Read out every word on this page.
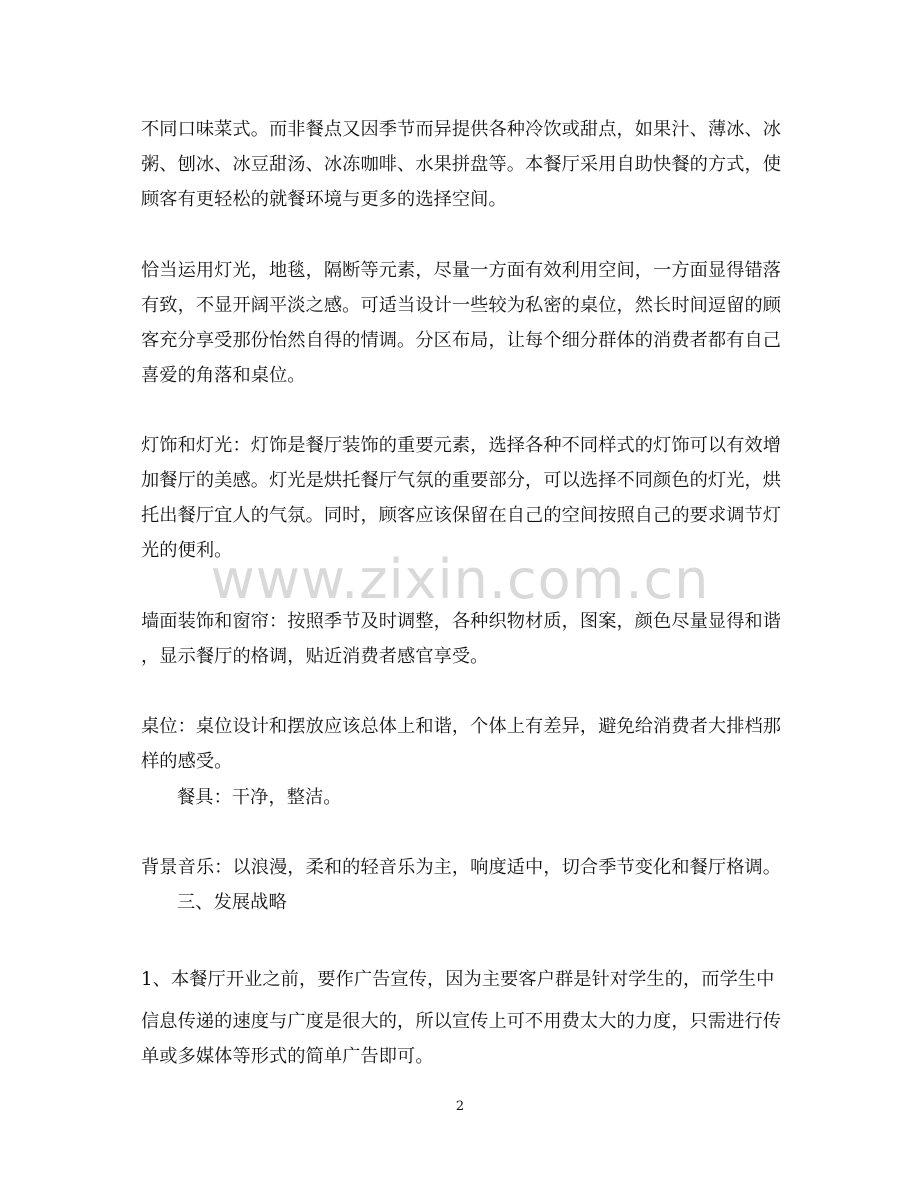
不同口味菜式。而非餐点又因季节而异提供各种冷饮或甜点，如果汁、薄冰、冰
粥、刨冰、冰豆甜汤、冰冻咖啡、水果拼盘等。本餐厅采用自助快餐的方式，使
顾客有更轻松的就餐环境与更多的选择空间。
恰当运用灯光，地毯，隔断等元素，尽量一方面有效利用空间，一方面显得错落
有致，不显开阔平淡之感。可适当设计一些较为私密的桌位，然长时间逗留的顾
客充分享受那份怡然自得的情调。分区布局，让每个细分群体的消费者都有自己
喜爱的角落和桌位。
灯饰和灯光：灯饰是餐厅装饰的重要元素，选择各种不同样式的灯饰可以有效增
加餐厅的美感。灯光是烘托餐厅气氛的重要部分，可以选择不同颜色的灯光，烘
托出餐厅宜人的气氛。同时，顾客应该保留在自己的空间按照自己的要求调节灯
光的便利。
墙面装饰和窗帘：按照季节及时调整，各种织物材质，图案，颜色尽量显得和谐
，显示餐厅的格调，贴近消费者感官享受。
桌位：桌位设计和摆放应该总体上和谐，个体上有差异，避免给消费者大排档那
样的感受。
餐具：干净，整洁。
背景音乐：以浪漫，柔和的轻音乐为主，响度适中，切合季节变化和餐厅格调。
三、发展战略
1、本餐厅开业之前，要作广告宣传，因为主要客户群是针对学生的，而学生中
信息传递的速度与广度是很大的，所以宣传上可不用费太大的力度，只需进行传
单或多媒体等形式的简单广告即可。
www.zixin.com.cn
2
